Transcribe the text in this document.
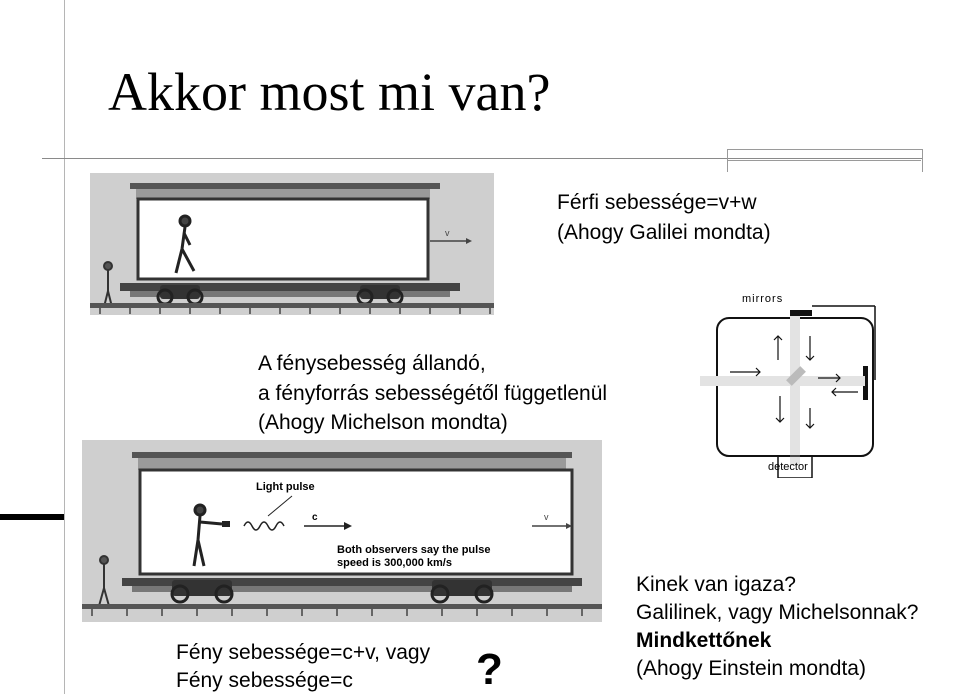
Akkor most mi van?
Férfi sebessége=v+w
(Ahogy Galilei mondta)
A fénysebesség állandó,
a fényforrás sebességétől függetlenül
(Ahogy Michelson mondta)
v
mirrors
detector
Light pulse
c
Both observers say the pulse
speed is 300,000 km/s
v
Fény sebessége=c+v, vagy
Fény sebessége=c	?
Kinek van igaza?
Galilinek, vagy Michelsonnak?
Mindkettőnek
(Ahogy Einstein mondta)
